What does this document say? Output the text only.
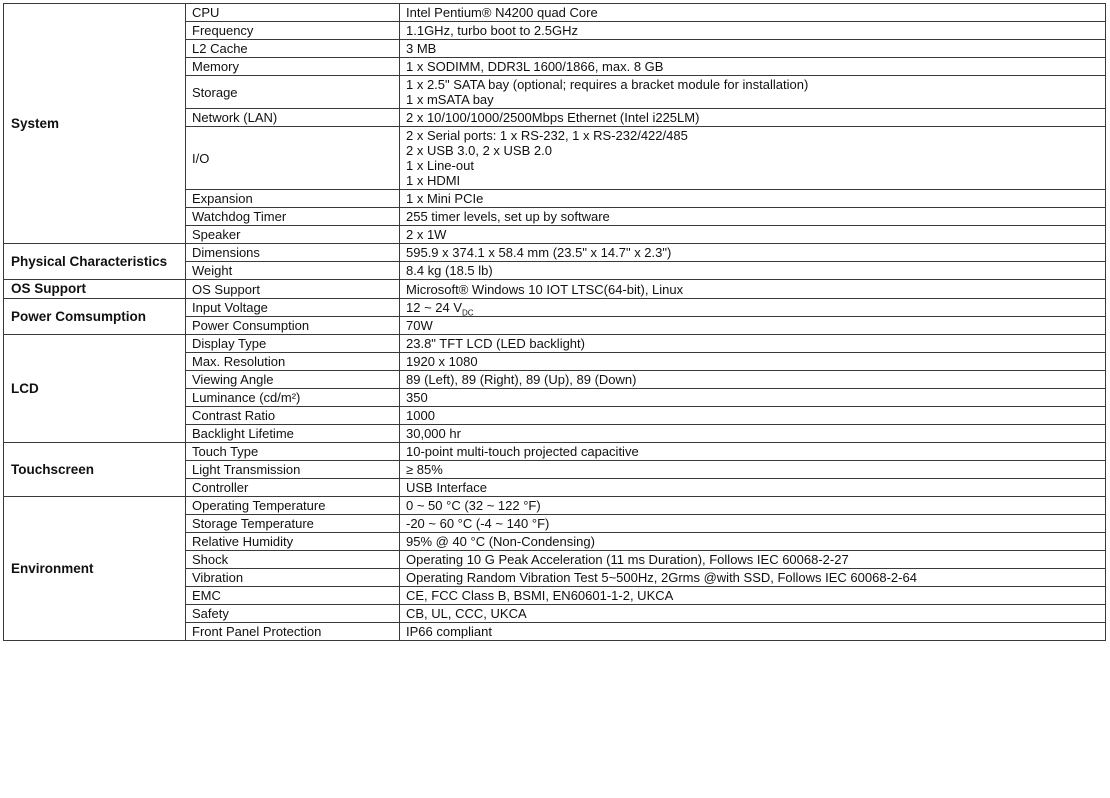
System	CPU	Intel Pentium® N4200 quad Core

	Frequency	1.1GHz, turbo boot to 2.5GHz

	L2 Cache	3 MB

	Memory	1 x SODIMM, DDR3L 1600/1866, max. 8 GB

	Storage	1 x 2.5" SATA bay (optional; requires a bracket module for installation)
1 x mSATA bay

	Network (LAN)	2 x 10/100/1000/2500Mbps Ethernet (Intel i225LM)

	I/O	2 x Serial ports: 1 x RS-232, 1 x RS-232/422/485
2 x USB 3.0, 2 x USB 2.0
1 x Line-out
1 x HDMI

	Expansion	1 x Mini PCIe

	Watchdog Timer	255 timer levels, set up by software

	Speaker	2 x 1W

Physical Characteristics	Dimensions	595.9 x 374.1 x 58.4 mm (23.5" x 14.7" x 2.3")

	Weight	8.4 kg (18.5 lb)

OS Support	OS Support	Microsoft® Windows 10 IOT LTSC(64-bit), Linux

Power Comsumption	Input Voltage	12 ~ 24 $V_{DC}$

	Power Consumption	70W

LCD	Display Type	23.8" TFT LCD (LED backlight)

	Max. Resolution	1920 x 1080

	Viewing Angle	89 (Left), 89 (Right), 89 (Up), 89 (Down)

	Luminance (cd/m²)	350

	Contrast Ratio	1000

	Backlight Lifetime	30,000 hr

Touchscreen	Touch Type	10-point multi-touch projected capacitive

	Light Transmission	≥ 85%

	Controller	USB Interface

Environment	Operating Temperature	0 ~ 50 °C (32 ~ 122 °F)

	Storage Temperature	-20 ~ 60 °C (-4 ~ 140 °F)

	Relative Humidity	95% @ 40 °C (Non-Condensing)

	Shock	Operating 10 G Peak Acceleration (11 ms Duration), Follows IEC 60068-2-27

	Vibration	Operating Random Vibration Test 5~500Hz, 2Grms @with SSD, Follows IEC 60068-2-64

	EMC	CE, FCC Class B, BSMI, EN60601-1-2, UKCA

	Safety	CB, UL, CCC, UKCA

	Front Panel Protection	IP66 compliant
